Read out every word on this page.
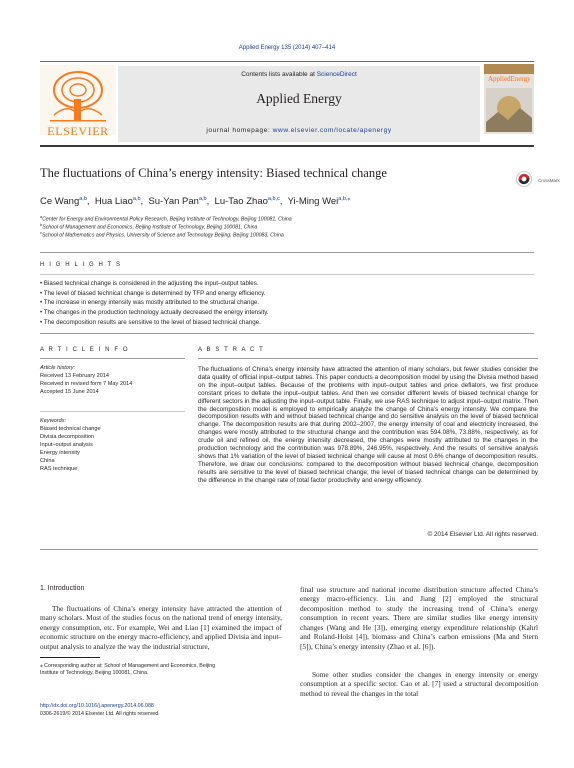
Applied Energy 135 (2014) 407–414
ELSEVIER
Contents lists available at ScienceDirect
Applied Energy
journal homepage: www.elsevier.com/locate/apenergy
AppliedEnergy
The fluctuations of China’s energy intensity: Biased technical change
CrossMark
Ce Wang$^{a,b}$,  Hua Liao$^{a,b}$,  Su-Yan Pan$^{a,b}$,  Lu-Tao Zhao$^{a,b,c}$,  Yi-Ming Wei$^{a,b,⁎}$
$^a$Center for Energy and Environmental Policy Research, Beijing Institute of Technology, Beijing 100081, China
$^b$School of Management and Economics, Beijing Institute of Technology, Beijing 100081, China
$^c$School of Mathematics and Physics, University of Science and Technology Beijing, Beijing 100083, China
H I G H L I G H T S
• Biased technical change is considered in the adjusting the input–output tables.
• The level of biased technical change is determined by TFP and energy efficiency.
• The increase in energy intensity was mostly attributed to the structural change.
• The changes in the production technology actually decreased the energy intensity.
• The decomposition results are sensitive to the level of biased technical change.
A R T I C L E I N F O
Article history:
Received 13 February 2014
Received in revised form 7 May 2014
Accepted 15 June 2014
Keywords:
Biased technical change
Divisia decomposition
Input–output analysis
Energy intensity
China
RAS technique
A B S T R A C T
The fluctuations of China’s energy intensity have attracted the attention of many scholars, but fewer studies consider the data quality of official input–output tables. This paper conducts a decomposition model by using the Divisia method based on the input–output tables. Because of the problems with input–output tables and price deflators, we first produce constant prices to deflate the input–output tables. And then we consider different levels of biased technical change for different sectors in the adjusting the input–output table. Finally, we use RAS technique to adjust input–output matrix. Then the decomposition model is employed to empirically analyze the change of China’s energy intensity. We compare the decomposition results with and without biased technical change and do sensitive analysis on the level of biased technical change. The decomposition results are that during 2002–2007, the energy intensity of coal and electricity increased, the changes were mostly attributed to the structural change and the contribution was 594.08%, 73.88%, respectively; as for crude oil and refined oil, the energy intensity decreased, the changes were mostly attributed to the changes in the production technology and the contribution was 978.89%, 246.95%, respectively. And the results of sensitive analysis shows that 1% variation of the level of biased technical change will cause at most 0.6% change of decomposition results. Therefore, we draw our conclusions: compared to the decomposition without biased technical change, decomposition results are sensitive to the level of biased technical change; the level of biased technical change can be determined by the difference in the change rate of total factor productivity and energy efficiency.
© 2014 Elsevier Ltd. All rights reserved.
1. Introduction
The fluctuations of China’s energy intensity have attracted the attention of many scholars. Most of the studies focus on the national trend of energy intensity, energy consumption, etc. For example, Wei and Liao [1] examined the impact of economic structure on the energy macro-efficiency, and applied Divisia and input–output analysis to analyze the way the industrial structure,
final use structure and national income distribution structure affected China’s energy macro-efficiency. Liu and Jiang [2] employed the structural decomposition method to study the increasing trend of China’s energy consumption in recent years. There are similar studies like energy intensity changes (Wang and He [3]), emerging energy expenditure relationship (Kahrl and Roland-Holst [4]), biomass and China’s carbon emissions (Ma and Stern [5]), China’s energy intensity (Zhao et al. [6]).
Some other studies consider the changes in energy intensity or energy consumption at a specific sector. Cao et al. [7] used a structural decomposition method to reveal the changes in the total
⁎ Corresponding author at: School of Management and Economics, Beijing
Institute of Technology, Beijing 100081, China.
http://dx.doi.org/10.1016/j.apenergy.2014.06.088
0306-2619/© 2014 Elsevier Ltd. All rights reserved.
